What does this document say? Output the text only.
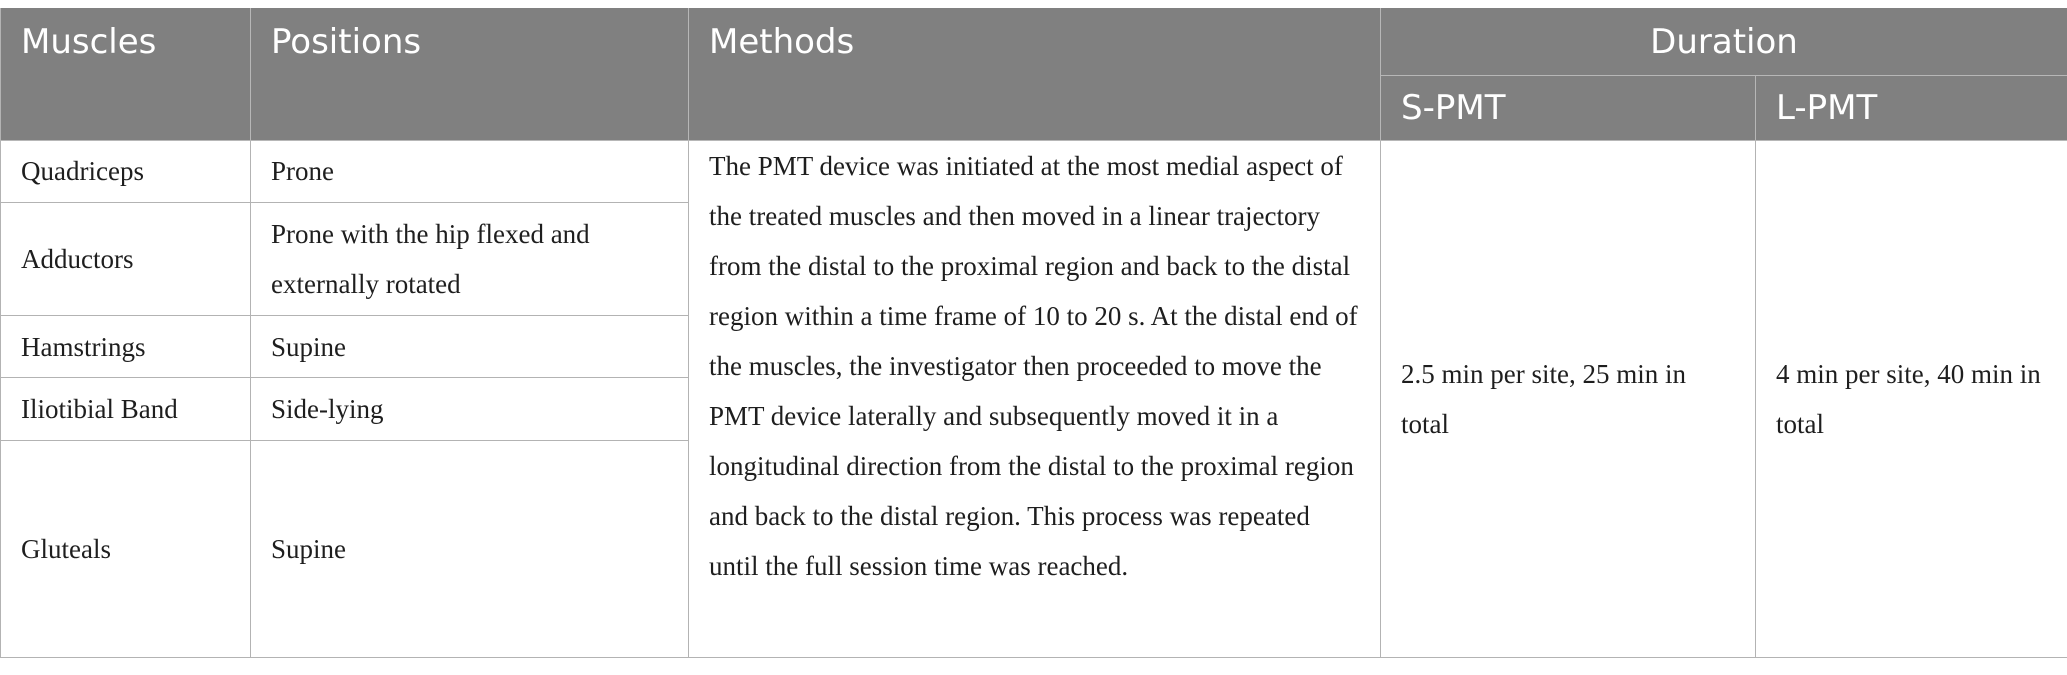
Muscles	Positions	Methods	Duration	
			S-PMT	L-PMT
Quadriceps	Prone	The PMT device was initiated at the most medial aspect of the treated muscles and then moved in a linear trajectory from the distal to the proximal region and back to the distal region within a time frame of 10 to 20 s. At the distal end of the muscles, the investigator then proceeded to move the PMT device laterally and subsequently moved it in a longitudinal direction from the distal to the proximal region and back to the distal region. This process was repeated until the full session time was reached.	2.5 min per site, 25 min in total	4 min per site, 40 min in total
Adductors	Prone with the hip flexed and externally rotated			
Hamstrings	Supine			
Iliotibial Band	Side-lying			
Gluteals	Supine			
